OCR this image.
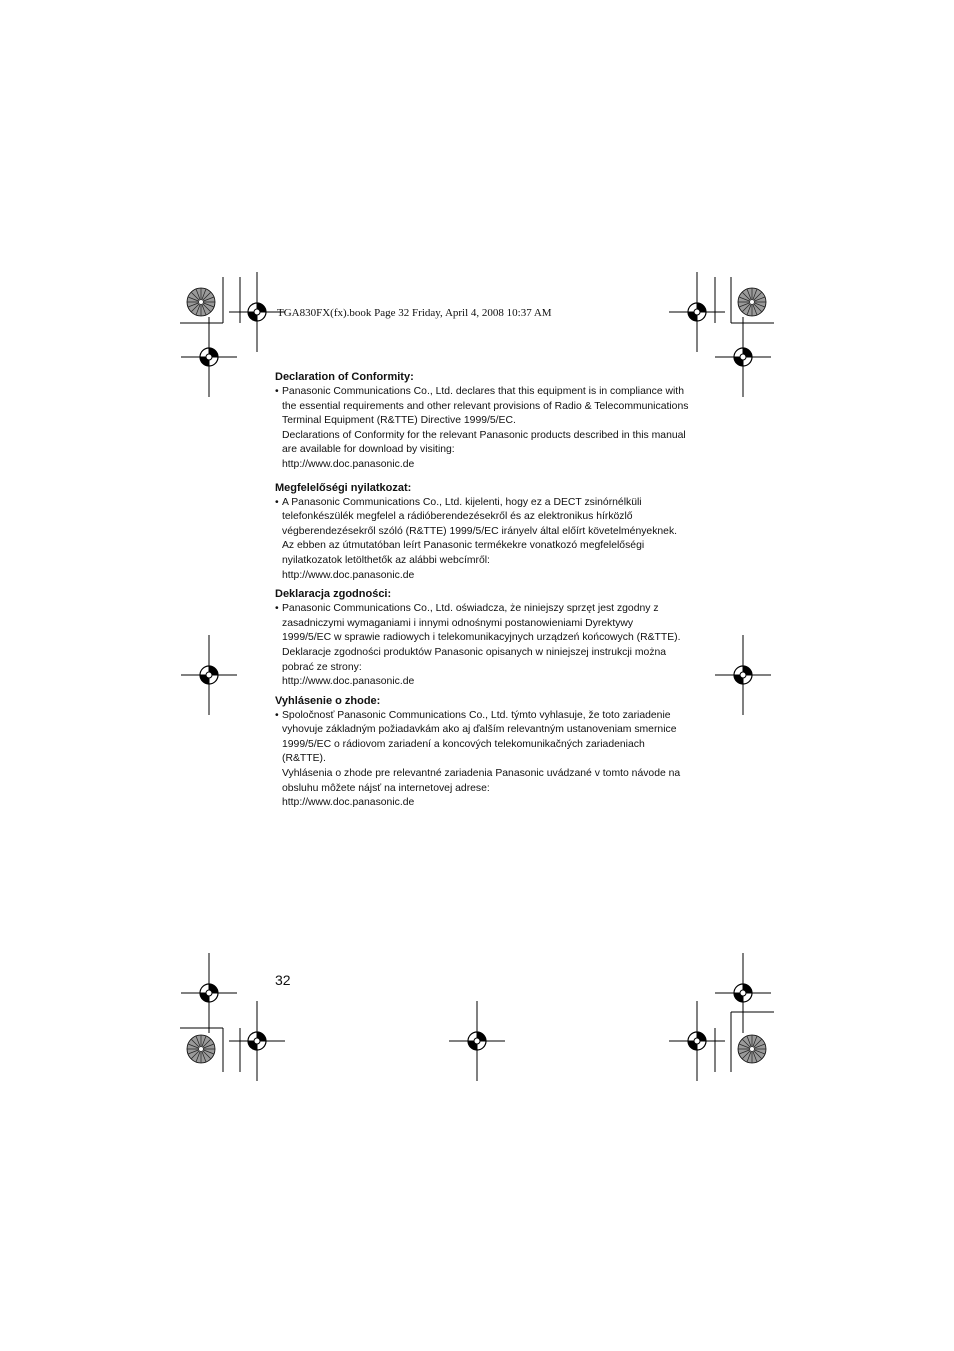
TGA830FX(fx).book Page 32 Friday, April 4, 2008 10:37 AM
Declaration of Conformity:
• Panasonic Communications Co., Ltd. declares that this equipment is in compliance with
the essential requirements and other relevant provisions of Radio & Telecommunications
Terminal Equipment (R&TTE) Directive 1999/5/EC.
Declarations of Conformity for the relevant Panasonic products described in this manual
are available for download by visiting:
http://www.doc.panasonic.de
Megfelelőségi nyilatkozat:
• A Panasonic Communications Co., Ltd. kijelenti, hogy ez a DECT zsinórnélküli
telefonkészülék megfelel a rádióberendezésekről és az elektronikus hírközlő
végberendezésekről szóló (R&TTE) 1999/5/EC irányelv által előírt követelményeknek.
Az ebben az útmutatóban leírt Panasonic termékekre vonatkozó megfelelőségi
nyilatkozatok letölthetők az alábbi webcímről:
http://www.doc.panasonic.de
Deklaracja zgodności:
• Panasonic Communications Co., Ltd. oświadcza, że niniejszy sprzęt jest zgodny z
zasadniczymi wymaganiami i innymi odnośnymi postanowieniami Dyrektywy
1999/5/EC w sprawie radiowych i telekomunikacyjnych urządzeń końcowych (R&TTE).
Deklaracje zgodności produktów Panasonic opisanych w niniejszej instrukcji można
pobrać ze strony:
http://www.doc.panasonic.de
Vyhlásenie o zhode:
• Spoločnosť Panasonic Communications Co., Ltd. týmto vyhlasuje, že toto zariadenie
vyhovuje základným požiadavkám ako aj ďalším relevantným ustanoveniam smernice
1999/5/EC o rádiovom zariadení a koncových telekomunikačných zariadeniach
(R&TTE).
Vyhlásenia o zhode pre relevantné zariadenia Panasonic uvádzané v tomto návode na
obsluhu môžete nájsť na internetovej adrese:
http://www.doc.panasonic.de
32
